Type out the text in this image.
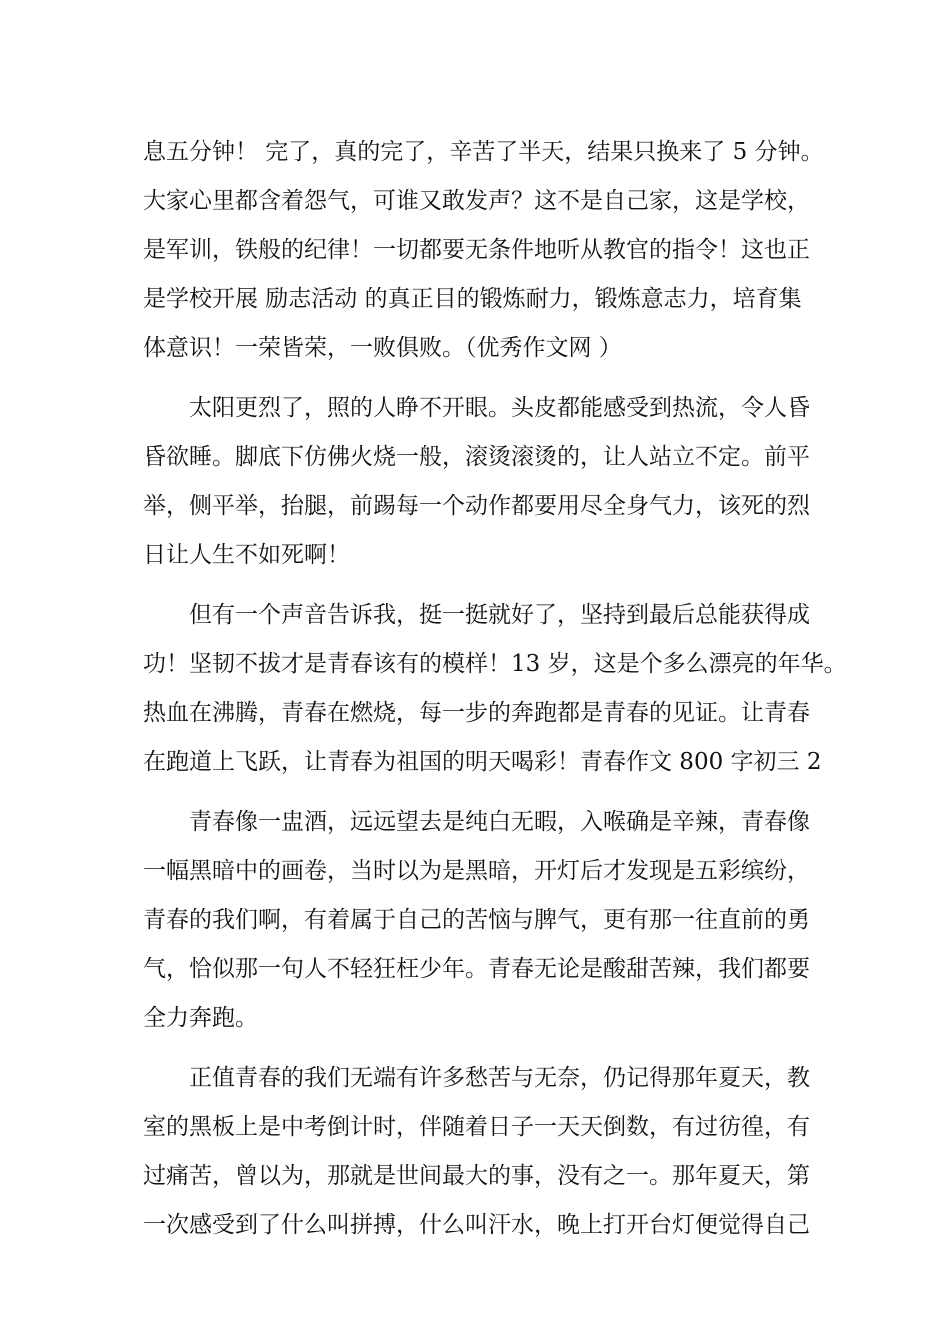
息五分钟！ 完了，真的完了，辛苦了半天，结果只换来了 5 分钟。
大家心里都含着怨气，可谁又敢发声？这不是自己家，这是学校，
是军训，铁般的纪律！一切都要无条件地听从教官的指令！这也正
是学校开展 励志活动 的真正目的锻炼耐力，锻炼意志力，培育集
体意识！一荣皆荣，一败俱败。（优秀作文网 ）
太阳更烈了，照的人睁不开眼。头皮都能感受到热流，令人昏
昏欲睡。脚底下仿佛火烧一般，滚烫滚烫的，让人站立不定。前平
举，侧平举，抬腿，前踢每一个动作都要用尽全身气力，该死的烈
日让人生不如死啊！
但有一个声音告诉我，挺一挺就好了，坚持到最后总能获得成
功！坚韧不拔才是青春该有的模样！13 岁，这是个多么漂亮的年华。
热血在沸腾，青春在燃烧，每一步的奔跑都是青春的见证。让青春
在跑道上飞跃，让青春为祖国的明天喝彩！青春作文 800 字初三 2
青春像一盅酒，远远望去是纯白无暇，入喉确是辛辣，青春像
一幅黑暗中的画卷，当时以为是黑暗，开灯后才发现是五彩缤纷，
青春的我们啊，有着属于自己的苦恼与脾气，更有那一往直前的勇
气，恰似那一句人不轻狂枉少年。青春无论是酸甜苦辣，我们都要
全力奔跑。
正值青春的我们无端有许多愁苦与无奈，仍记得那年夏天，教
室的黑板上是中考倒计时，伴随着日子一天天倒数，有过彷徨，有
过痛苦，曾以为，那就是世间最大的事，没有之一。那年夏天，第
一次感受到了什么叫拼搏，什么叫汗水，晚上打开台灯便觉得自己
